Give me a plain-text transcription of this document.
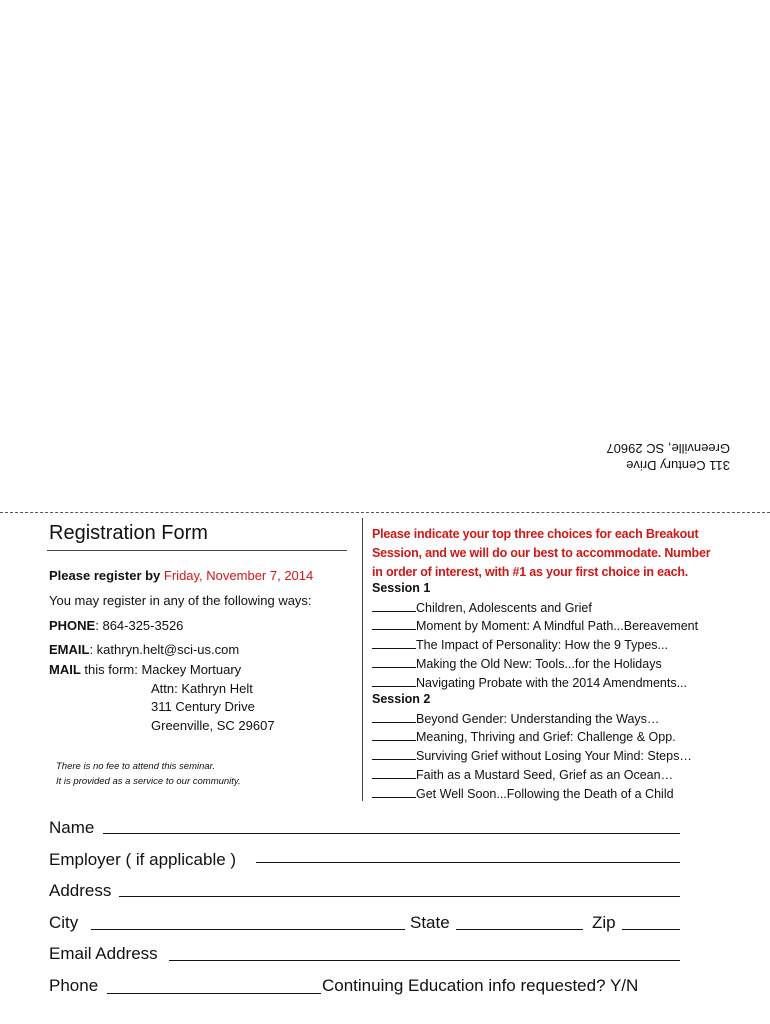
311 Century Drive
Greenville, SC 29607
Registration Form
Please register by Friday, November 7, 2014
You may register in any of the following ways:
PHONE: 864-325-3526
EMAIL: kathryn.helt@sci-us.com
MAIL this form: Mackey Mortuary
Attn: Kathryn Helt
311 Century Drive
Greenville, SC 29607
There is no fee to attend this seminar.
It is provided as a service to our community.
Please indicate your top three choices for each Breakout
Session, and we will do our best to accommodate. Number
in order of interest, with #1 as your first choice in each.
Session 1
Children, Adolescents and Grief
Moment by Moment: A Mindful Path...Bereavement
The Impact of Personality: How the 9 Types...
Making the Old New: Tools...for the Holidays
Navigating Probate with the 2014 Amendments...
Session 2
Beyond Gender: Understanding the Ways…
Meaning, Thriving and Grief: Challenge & Opp.
Surviving Grief without Losing Your Mind: Steps…
Faith as a Mustard Seed, Grief as an Ocean…
Get Well Soon...Following the Death of a Child
Name
Employer ( if applicable )
Address
City	State	Zip
Email Address
Phone	Continuing Education info requested? Y/N
